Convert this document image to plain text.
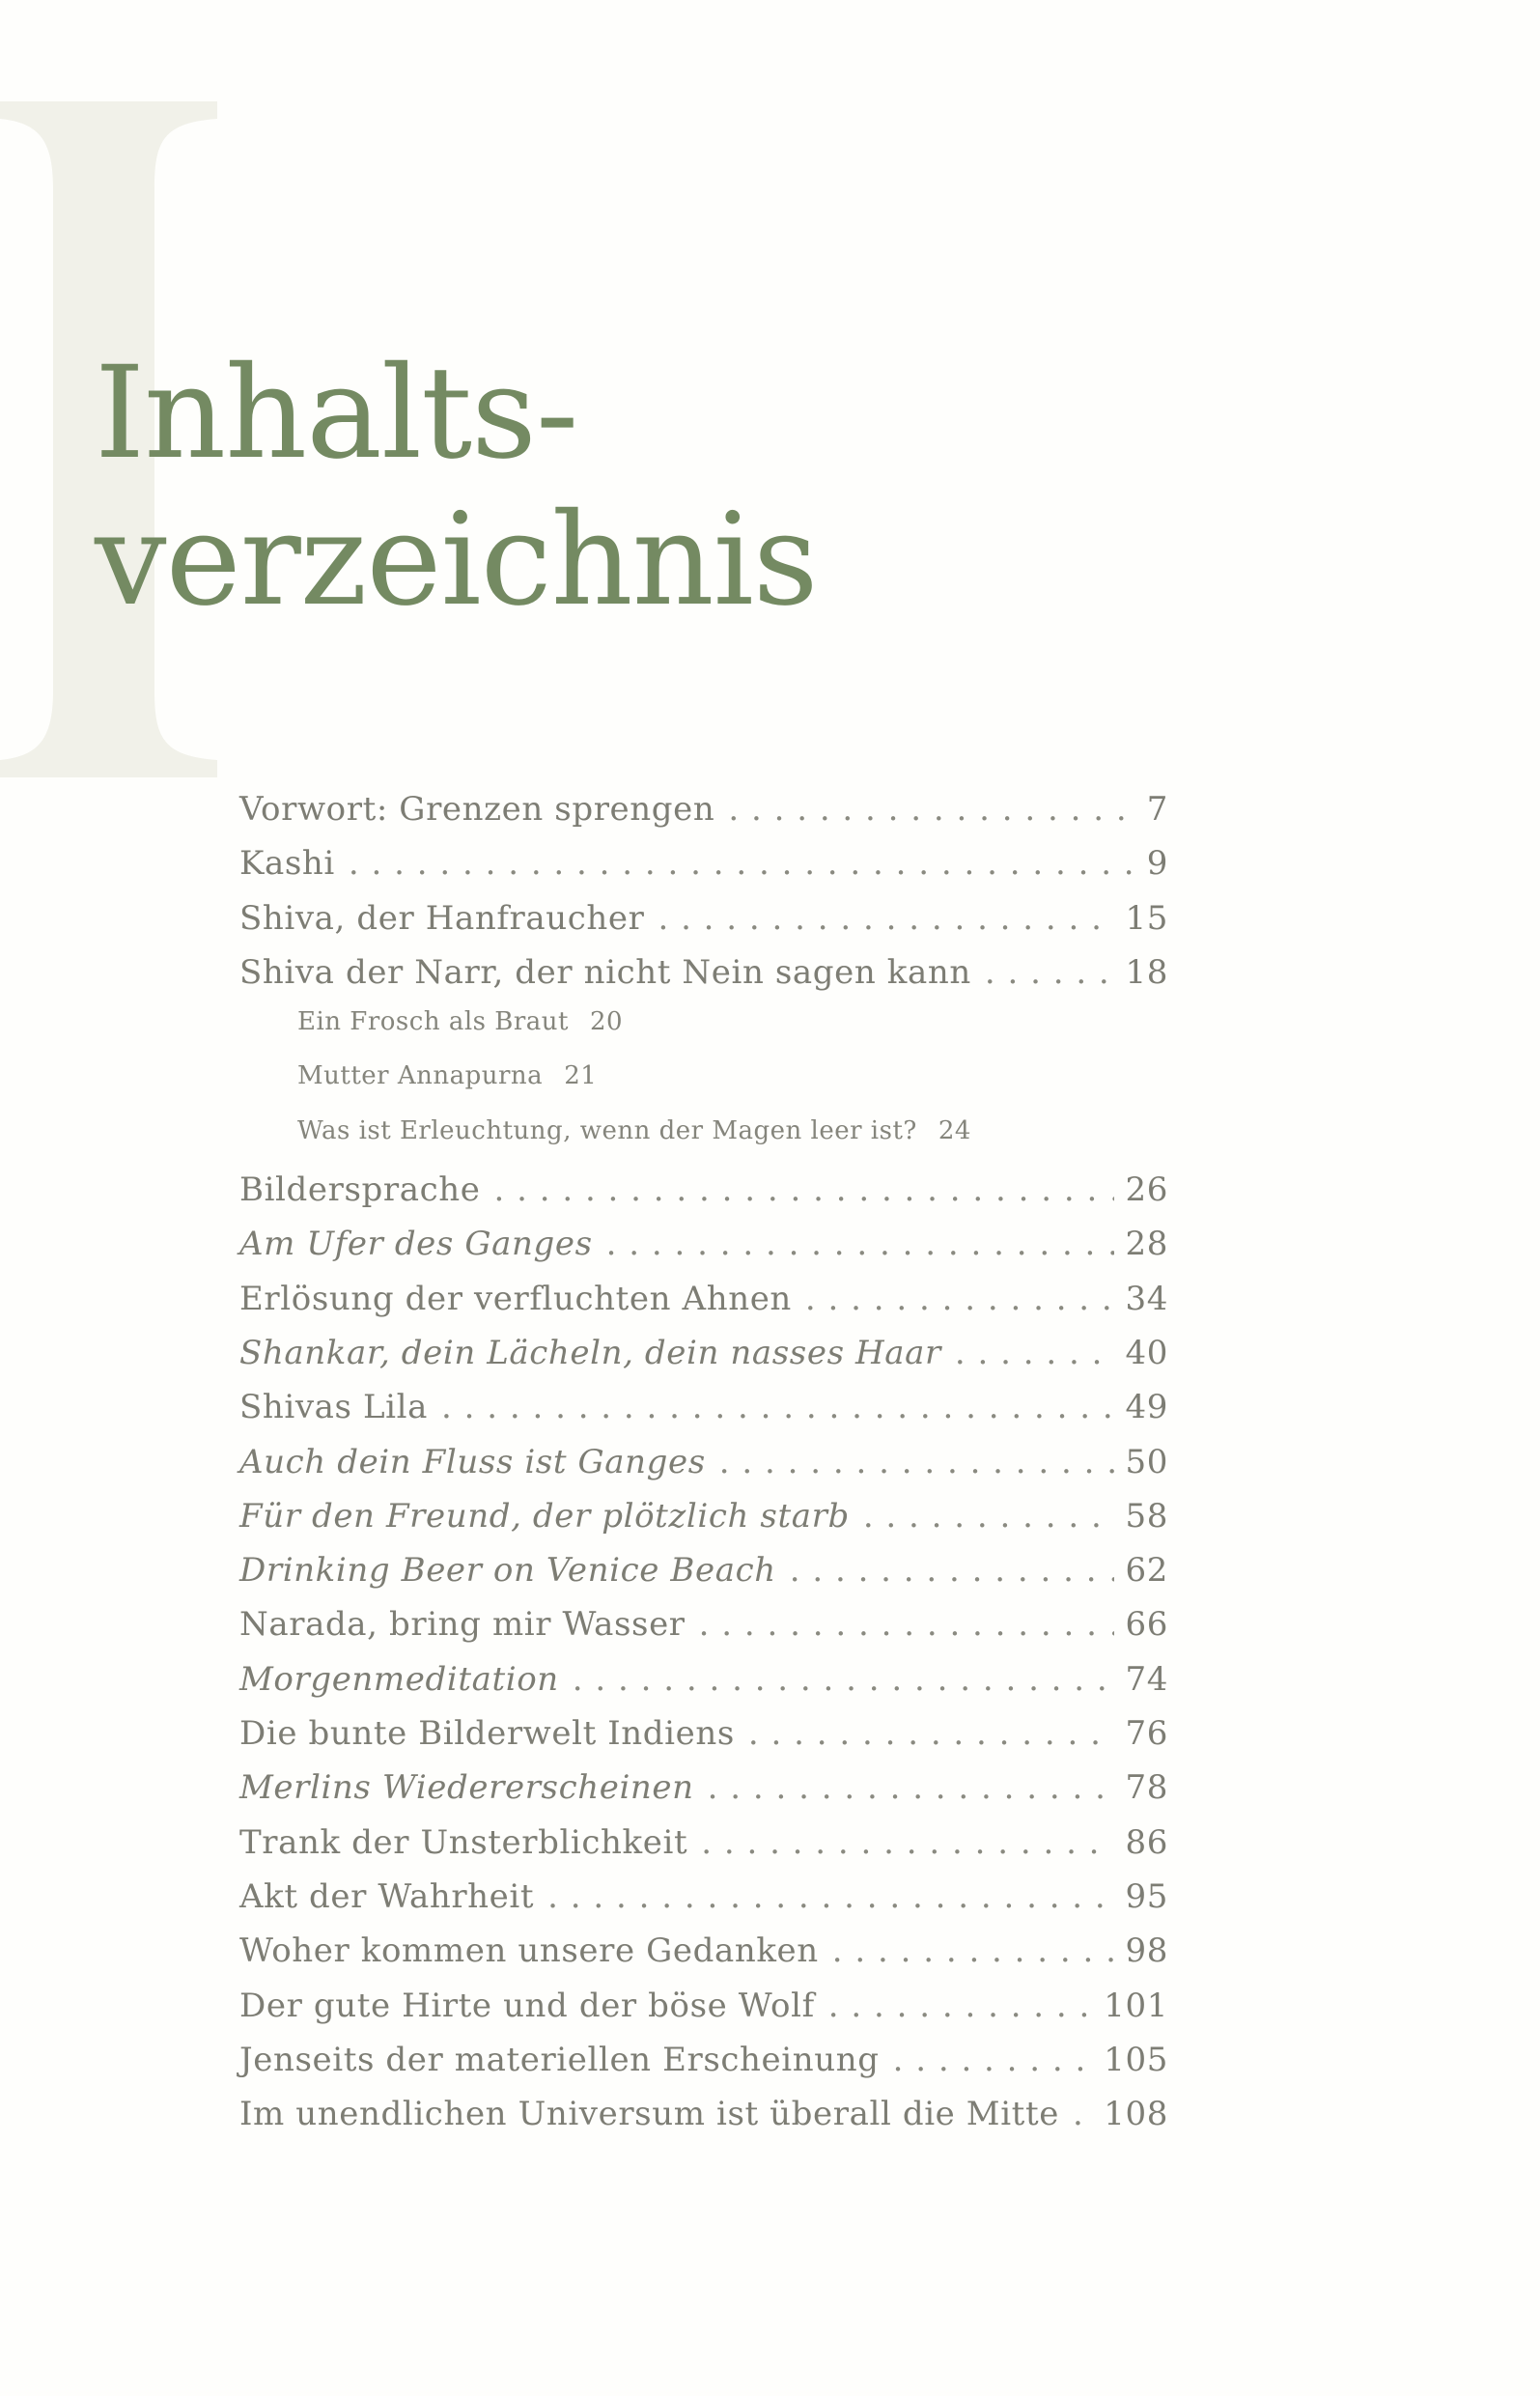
Inhalts-
verzeichnis
Vorwort: Grenzen sprengen . . .	7
Kashi . . .	9
Shiva, der Hanfraucher . . .	15
Shiva der Narr, der nicht Nein sagen kann . . .	18
Ein Frosch als Braut 20
Mutter Annapurna 21
Was ist Erleuchtung, wenn der Magen leer ist? 24
Bildersprache . . .	26
Am Ufer des Ganges . . .	28
Erlösung der verfluchten Ahnen . . .	34
Shankar, dein Lächeln, dein nasses Haar . . .	40
Shivas Lila . . .	49
Auch dein Fluss ist Ganges . . .	50
Für den Freund, der plötzlich starb . . .	58
Drinking Beer on Venice Beach . . .	62
Narada, bring mir Wasser . . .	66
Morgenmeditation . . .	74
Die bunte Bilderwelt Indiens . . .	76
Merlins Wiedererscheinen . . .	78
Trank der Unsterblichkeit . . .	86
Akt der Wahrheit . . .	95
Woher kommen unsere Gedanken . . .	98
Der gute Hirte und der böse Wolf . . .	101
Jenseits der materiellen Erscheinung . . .	105
Im unendlichen Universum ist überall die Mitte . . .	108
